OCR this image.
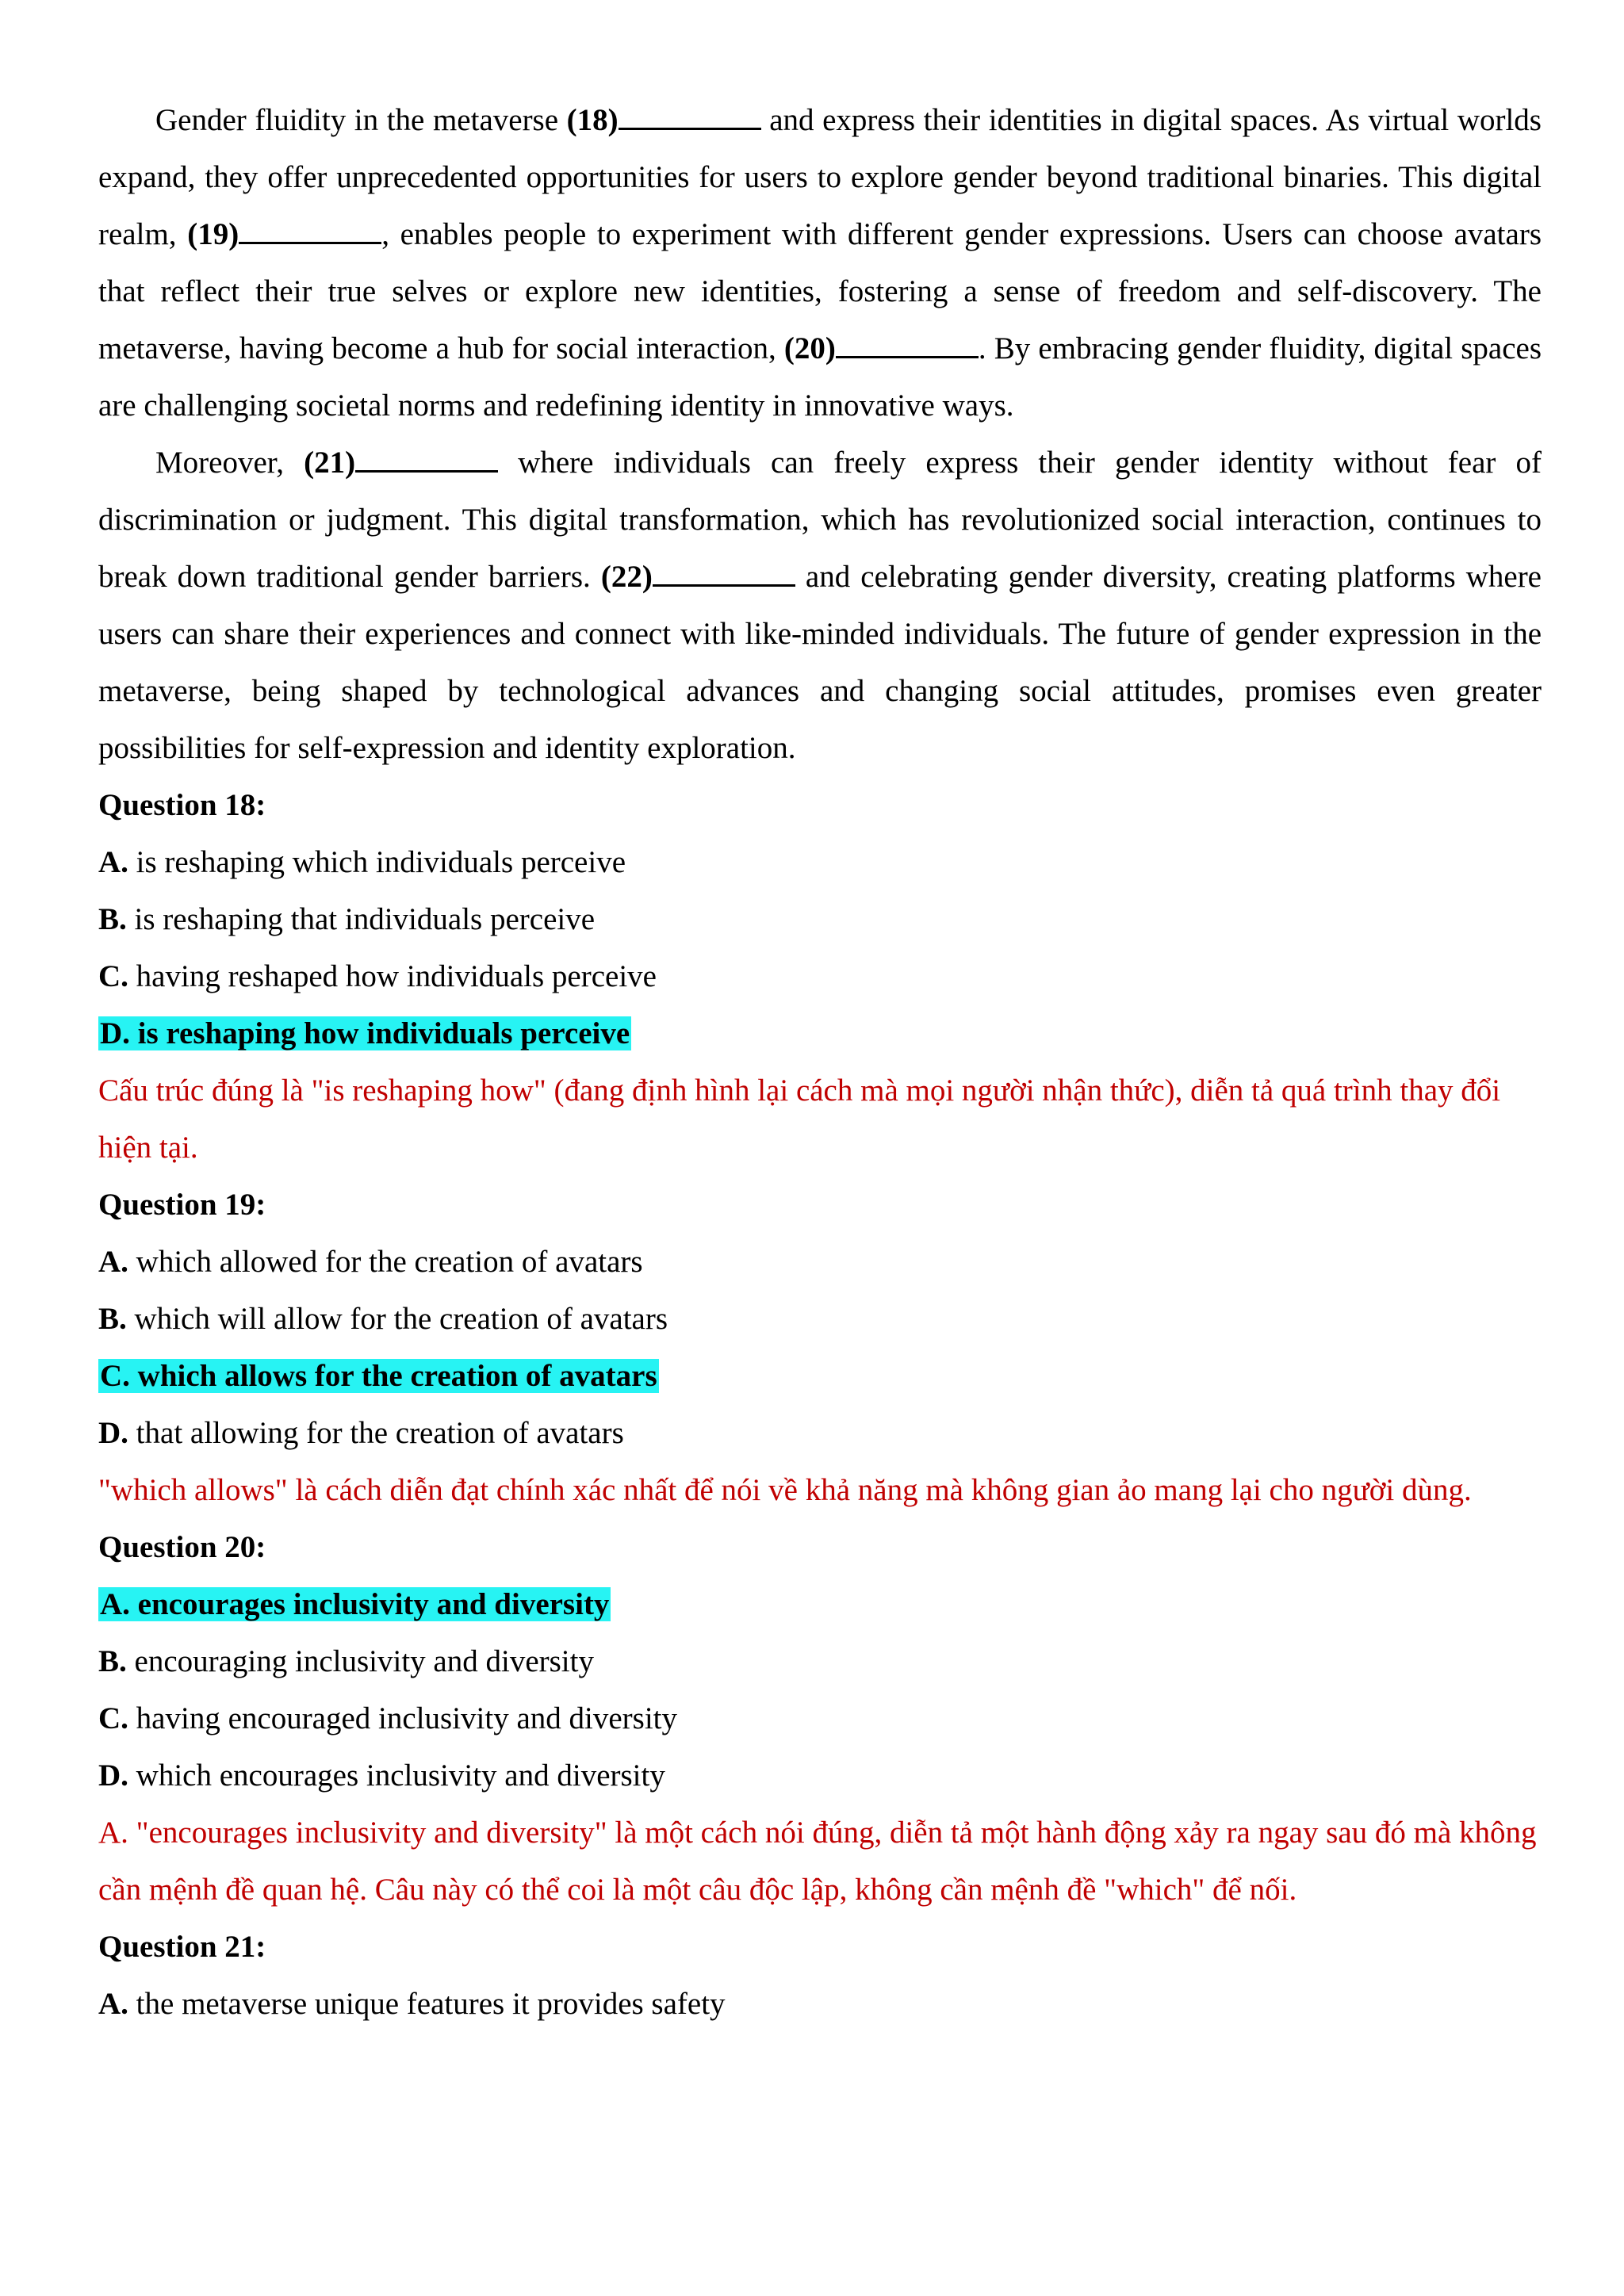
Gender fluidity in the metaverse (18)	and express their identities in digital spaces. As virtual worlds expand, they offer unprecedented opportunities for users to explore gender beyond traditional binaries. This digital realm, (19)	, enables people to experiment with different gender expressions. Users can choose avatars that reflect their true selves or explore new identities, fostering a sense of freedom and self-discovery. The metaverse, having become a hub for social interaction, (20)	. By embracing gender fluidity, digital spaces are challenging societal norms and redefining identity in innovative ways.

Moreover, (21)	where individuals can freely express their gender identity without fear of discrimination or judgment. This digital transformation, which has revolutionized social interaction, continues to break down traditional gender barriers. (22)	and celebrating gender diversity, creating platforms where users can share their experiences and connect with like-minded individuals. The future of gender expression in the metaverse, being shaped by technological advances and changing social attitudes, promises even greater possibilities for self-expression and identity exploration.

Question 18:

A. is reshaping which individuals perceive

B. is reshaping that individuals perceive

C. having reshaped how individuals perceive

D. is reshaping how individuals perceive

Cấu trúc đúng là "is reshaping how" (đang định hình lại cách mà mọi người nhận thức), diễn tả quá trình thay đổi hiện tại.

Question 19:

A. which allowed for the creation of avatars

B. which will allow for the creation of avatars

C. which allows for the creation of avatars

D. that allowing for the creation of avatars

"which allows" là cách diễn đạt chính xác nhất để nói về khả năng mà không gian ảo mang lại cho người dùng.

Question 20:

A. encourages inclusivity and diversity

B. encouraging inclusivity and diversity

C. having encouraged inclusivity and diversity

D. which encourages inclusivity and diversity

A. "encourages inclusivity and diversity" là một cách nói đúng, diễn tả một hành động xảy ra ngay sau đó mà không cần mệnh đề quan hệ. Câu này có thể coi là một câu độc lập, không cần mệnh đề "which" để nối.

Question 21:

A. the metaverse unique features it provides safety
